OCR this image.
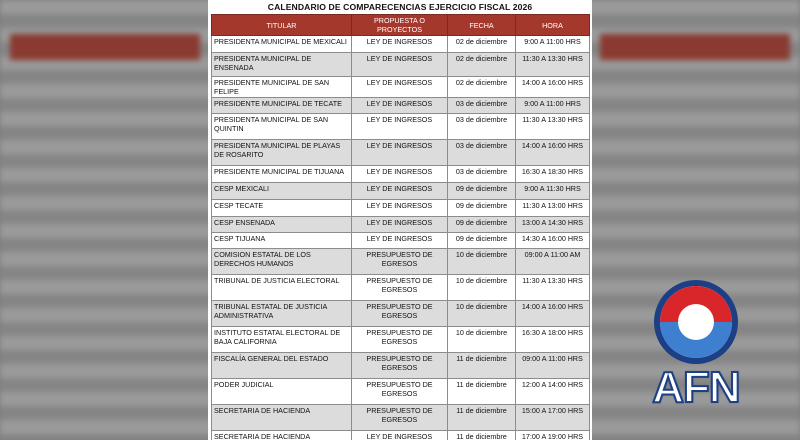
CALENDARIO DE COMPARECENCIAS EJERCICIO FISCAL 2026
TITULAR	PROPUESTA O PROYECTOS	FECHA	HORA
PRESIDENTA MUNICIPAL DE MEXICALI	LEY DE INGRESOS	02 de diciembre	9:00 A 11:00 HRS
PRESIDENTA MUNICIPAL DE ENSENADA	LEY DE INGRESOS	02 de diciembre	11:30 A 13:30 HRS
PRESIDENTE MUNICIPAL DE SAN FELIPE	LEY DE INGRESOS	02 de diciembre	14:00 A 16:00 HRS
PRESIDENTE MUNICIPAL DE TECATE	LEY DE INGRESOS	03 de diciembre	9:00 A 11:00 HRS
PRESIDENTA MUNICIPAL DE SAN QUINTIN	LEY DE INGRESOS	03 de diciembre	11:30 A 13:30 HRS
PRESIDENTA MUNICIPAL DE PLAYAS DE ROSARITO	LEY DE INGRESOS	03 de diciembre	14:00 A 16:00 HRS
PRESIDENTE MUNICIPAL DE TIJUANA	LEY DE INGRESOS	03 de diciembre	16:30 A 18:30 HRS
CESP MEXICALI	LEY DE INGRESOS	09 de diciembre	9:00 A 11:30 HRS
CESP TECATE	LEY DE INGRESOS	09 de diciembre	11:30 A 13:00 HRS
CESP ENSENADA	LEY DE INGRESOS	09 de diciembre	13:00 A 14:30 HRS
CESP TIJUANA	LEY DE INGRESOS	09 de diciembre	14:30 A 16:00 HRS
COMISION ESTATAL DE LOS DERECHOS HUMANOS	PRESUPUESTO DE EGRESOS	10 de diciembre	09:00 A 11:00 AM
TRIBUNAL DE JUSTICIA ELECTORAL	PRESUPUESTO DE EGRESOS	10 de diciembre	11:30 A 13:30 HRS
TRIBUNAL ESTATAL DE JUSTICIA ADMINISTRATIVA	PRESUPUESTO DE EGRESOS	10 de diciembre	14:00 A 16:00 HRS
INSTITUTO ESTATAL ELECTORAL DE BAJA CALIFORNIA	PRESUPUESTO DE EGRESOS	10 de diciembre	16:30 A 18:00 HRS
FISCALÍA GENERAL DEL ESTADO	PRESUPUESTO DE EGRESOS	11 de diciembre	09:00 A 11:00 HRS
PODER JUDICIAL	PRESUPUESTO DE EGRESOS	11 de diciembre	12:00 A 14:00 HRS
SECRETARIA DE HACIENDA	PRESUPUESTO DE EGRESOS	11 de diciembre	15:00 A 17:00 HRS
SECRETARIA DE HACIENDA	LEY DE INGRESOS	11 de diciembre	17:00 A 19:00 HRS
AFN
